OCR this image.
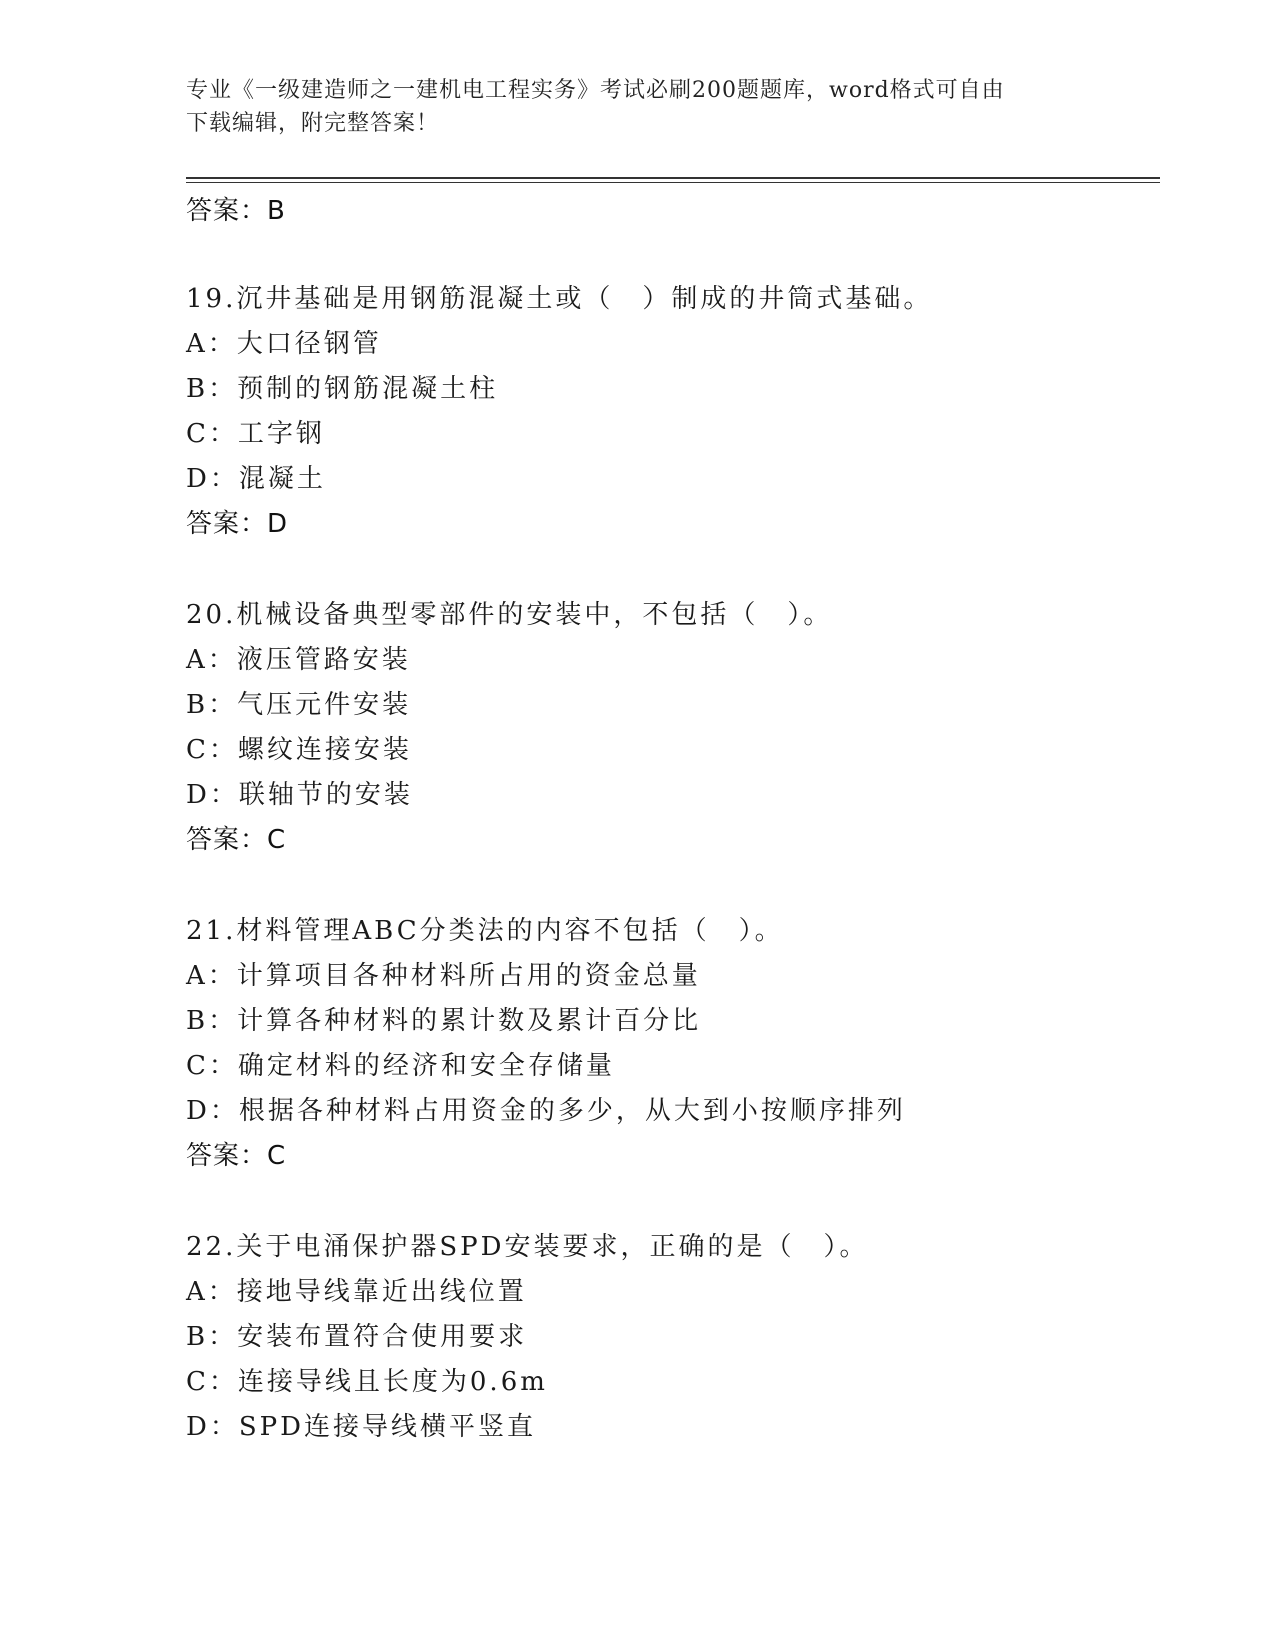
专业《一级建造师之一建机电工程实务》考试必刷200题题库，word格式可自由
下载编辑，附完整答案！
答案：B
19.沉井基础是用钢筋混凝土或（　）制成的井筒式基础。
A：大口径钢管
B：预制的钢筋混凝土柱
C：工字钢
D：混凝土
答案：D
20.机械设备典型零部件的安装中，不包括（　）。
A：液压管路安装
B：气压元件安装
C：螺纹连接安装
D：联轴节的安装
答案：C
21.材料管理ABC分类法的内容不包括（　）。
A：计算项目各种材料所占用的资金总量
B：计算各种材料的累计数及累计百分比
C：确定材料的经济和安全存储量
D：根据各种材料占用资金的多少，从大到小按顺序排列
答案：C
22.关于电涌保护器SPD安装要求，正确的是（　）。
A：接地导线靠近出线位置
B：安装布置符合使用要求
C：连接导线且长度为0.6m
D：SPD连接导线横平竖直
